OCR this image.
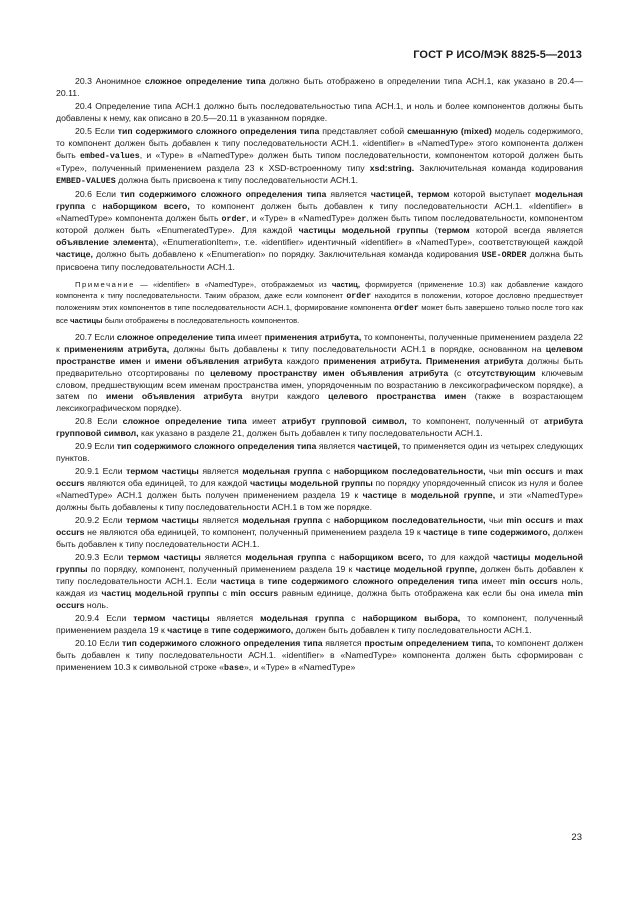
ГОСТ Р ИСО/МЭК 8825-5—2013

20.3 Анонимное сложное определение типа должно быть отображено в определении типа АСН.1, как указано в 20.4—20.11.

20.4 Определение типа АСН.1 должно быть последовательностью типа АСН.1, и ноль и более компонентов должны быть добавлены к нему, как описано в 20.5—20.11 в указанном порядке.

20.5 Если тип содержимого сложного определения типа представляет собой смешанную (mixed) модель содержимого, то компонент должен быть добавлен к типу последовательности АСН.1. «identifier» в «NamedType» этого компонента должен быть embed-values, и «Type» в «NamedType» должен быть типом последовательности, компонентом которой должен быть «Type», полученный применением раздела 23 к XSD-встроенному типу xsd:string. Заключительная команда кодирования EMBED-VALUES должна быть присвоена к типу последовательности АСН.1.

20.6 Если тип содержимого сложного определения типа является частицей, термом которой выступает модельная группа с наборщиком всего, то компонент должен быть добавлен к типу последовательности АСН.1. «Identifier» в «NamedType» компонента должен быть order, и «Type» в «NamedType» должен быть типом последовательности, компонентом которой должен быть «EnumeratedType». Для каждой частицы модельной группы (термом которой всегда является объявление элемента), «EnumerationItem», т.е. «identifier» идентичный «identifier» в «NamedType», соответствующей каждой частице, должно быть добавлено к «Enumeration» по порядку. Заключительная команда кодирования USE-ORDER должна быть присвоена типу последовательности АСН.1.

Примечание — «identifier» в «NamedType», отображаемых из частиц, формируется (применение 10.3) как добавление каждого компонента к типу последовательности. Таким образом, даже если компонент order находится в положении, которое дословно предшествует положениям этих компонентов в типе последовательности АСН.1, формирование компонента order может быть завершено только после того как все частицы были отображены в последовательность компонентов.

20.7 Если сложное определение типа имеет применения атрибута, то компоненты, полученные применением раздела 22 к применениям атрибута, должны быть добавлены к типу последовательности АСН.1 в порядке, основанном на целевом пространстве имен и имени объявления атрибута каждого применения атрибута. Применения атрибута должны быть предварительно отсортированы по целевому пространству имен объявления атрибута (с отсутствующим ключевым словом, предшествующим всем именам пространства имен, упорядоченным по возрастанию в лексикографическом порядке), а затем по имени объявления атрибута внутри каждого целевого пространства имен (также в возрастающем лексикографическом порядке).

20.8 Если сложное определение типа имеет атрибут групповой символ, то компонент, полученный от атрибута групповой символ, как указано в разделе 21, должен быть добавлен к типу последовательности АСН.1.

20.9 Если тип содержимого сложного определения типа является частицей, то применяется один из четырех следующих пунктов.

20.9.1 Если термом частицы является модельная группа с наборщиком последовательности, чьи min occurs и max occurs являются оба единицей, то для каждой частицы модельной группы по порядку упорядоченный список из нуля и более «NamedType» АСН.1 должен быть получен применением раздела 19 к частице в модельной группе, и эти «NamedType» должны быть добавлены к типу последовательности АСН.1 в том же порядке.

20.9.2 Если термом частицы является модельная группа с наборщиком последовательности, чьи min occurs и max occurs не являются оба единицей, то компонент, полученный применением раздела 19 к частице в типе содержимого, должен быть добавлен к типу последовательности АСН.1.

20.9.3 Если термом частицы является модельная группа с наборщиком всего, то для каждой частицы модельной группы по порядку, компонент, полученный применением раздела 19 к частице модельной группе, должен быть добавлен к типу последовательности АСН.1. Если частица в типе содержимого сложного определения типа имеет min occurs ноль, каждая из частиц модельной группы с min occurs равным единице, должна быть отображена как если бы она имела min occurs ноль.

20.9.4 Если термом частицы является модельная группа с наборщиком выбора, то компонент, полученный применением раздела 19 к частице в типе содержимого, должен быть добавлен к типу последовательности АСН.1.

20.10 Если тип содержимого сложного определения типа является простым определением типа, то компонент должен быть добавлен к типу последовательности АСН.1. «identifier» в «NamedType» компонента должен быть сформирован с применением 10.3 к символьной строке «base», и «Type» в «NamedType»

23
